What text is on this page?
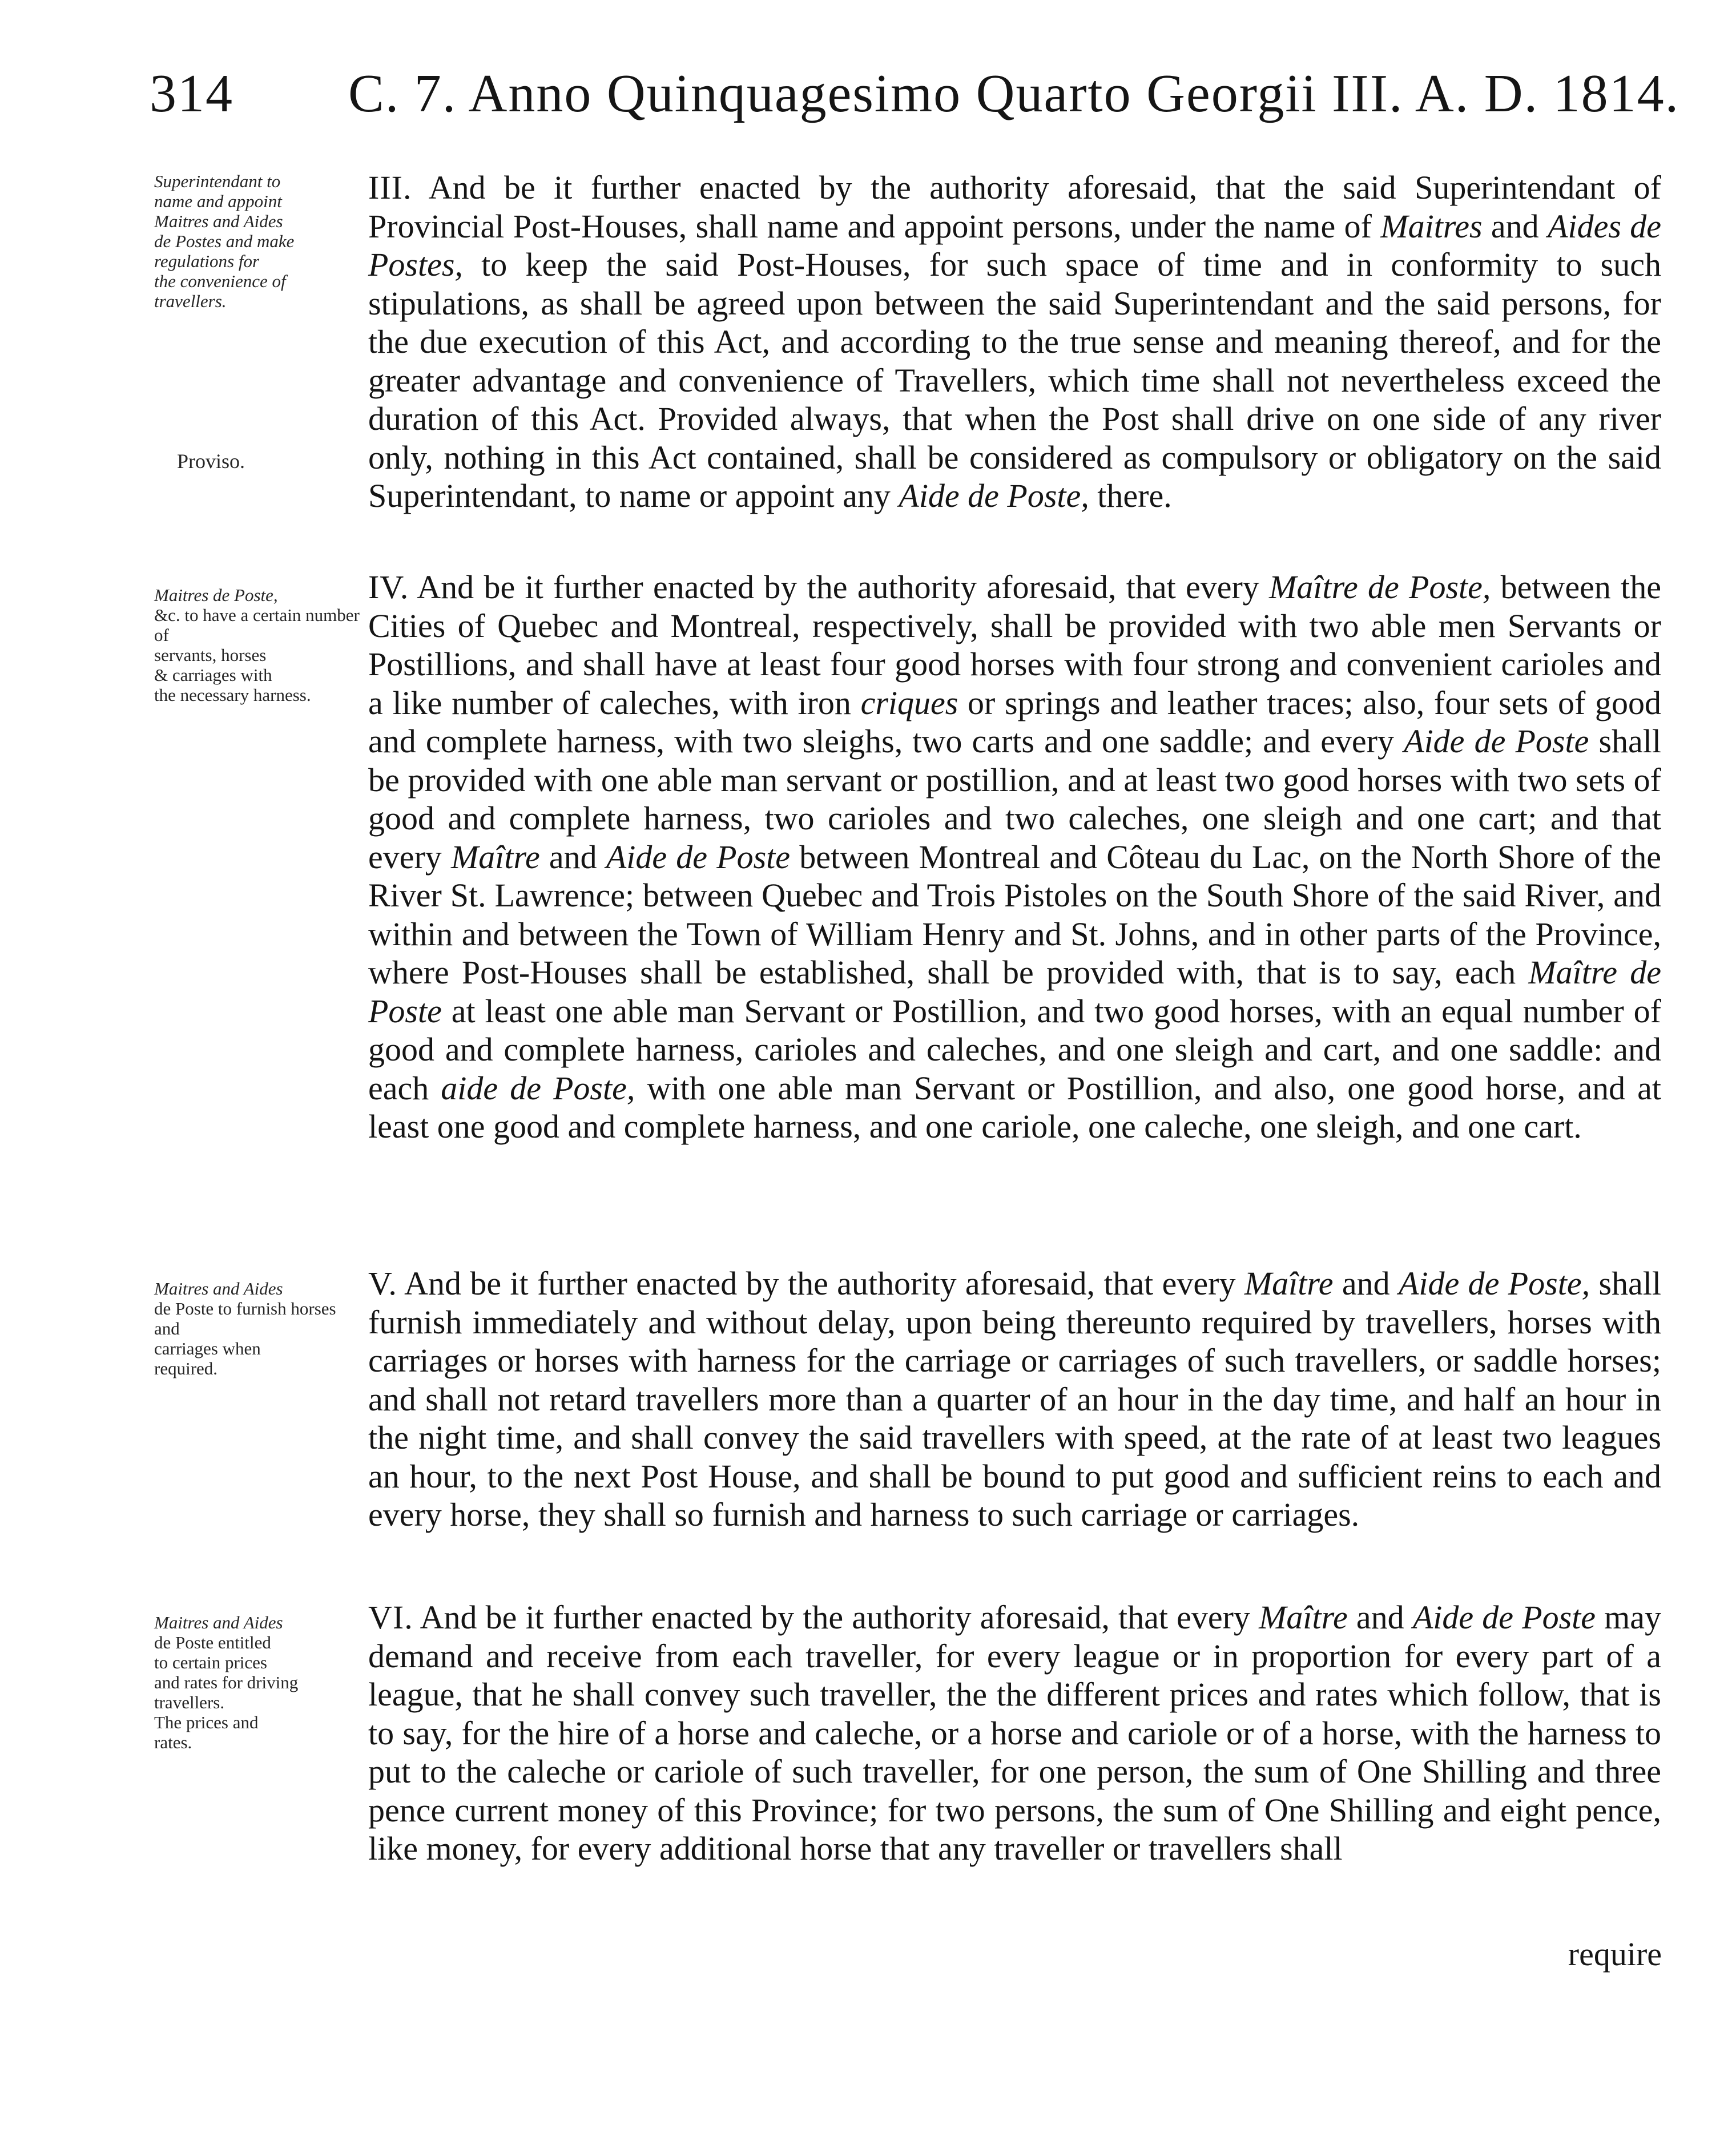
314 C. 7. Anno Quinquagesimo Quarto Georgii III. A. D. 1814.
Superintendant to
name and appoint
Maitres and Aides
de Postes and make
regulations for
the convenience of
travellers.
Proviso.
III. And be it further enacted by the authority aforesaid, that the said Superintendant of Provincial Post-Houses, shall name and appoint persons, under the name of Maitres and Aides de Postes, to keep the said Post-Houses, for such space of time and in conformity to such stipulations, as shall be agreed upon between the said Superintendant and the said persons, for the due execution of this Act, and according to the true sense and meaning thereof, and for the greater advantage and convenience of Travellers, which time shall not nevertheless exceed the duration of this Act. Provided always, that when the Post shall drive on one side of any river only, nothing in this Act contained, shall be considered as compulsory or obligatory on the said Superintendant, to name or appoint any Aide de Poste, there.
Maitres de Poste,
&c. to have a certain number of
servants, horses
& carriages with
the necessary harness.
IV. And be it further enacted by the authority aforesaid, that every Maître de Poste, between the Cities of Quebec and Montreal, respectively, shall be provided with two able men Servants or Postillions, and shall have at least four good horses with four strong and convenient carioles and a like number of caleches, with iron criques or springs and leather traces; also, four sets of good and complete harness, with two sleighs, two carts and one saddle; and every Aide de Poste shall be provided with one able man servant or postillion, and at least two good horses with two sets of good and complete harness, two carioles and two caleches, one sleigh and one cart; and that every Maître and Aide de Poste between Montreal and Côteau du Lac, on the North Shore of the River St. Lawrence; between Quebec and Trois Pistoles on the South Shore of the said River, and within and between the Town of William Henry and St. Johns, and in other parts of the Province, where Post-Houses shall be established, shall be provided with, that is to say, each Maître de Poste at least one able man Servant or Postillion, and two good horses, with an equal number of good and complete harness, carioles and caleches, and one sleigh and cart, and one saddle: and each aide de Poste, with one able man Servant or Postillion, and also, one good horse, and at least one good and complete harness, and one cariole, one caleche, one sleigh, and one cart.
Maitres and Aides
de Poste to furnish horses and
carriages when
required.
V. And be it further enacted by the authority aforesaid, that every Maître and Aide de Poste, shall furnish immediately and without delay, upon being thereunto required by travellers, horses with carriages or horses with harness for the carriage or carriages of such travellers, or saddle horses; and shall not retard travellers more than a quarter of an hour in the day time, and half an hour in the night time, and shall convey the said travellers with speed, at the rate of at least two leagues an hour, to the next Post House, and shall be bound to put good and sufficient reins to each and every horse, they shall so furnish and harness to such carriage or carriages.
Maitres and Aides
de Poste entitled
to certain prices
and rates for driving travellers.
The prices and
rates.
VI. And be it further enacted by the authority aforesaid, that every Maître and Aide de Poste may demand and receive from each traveller, for every league or in proportion for every part of a league, that he shall convey such traveller, the the different prices and rates which follow, that is to say, for the hire of a horse and caleche, or a horse and cariole or of a horse, with the harness to put to the caleche or cariole of such traveller, for one person, the sum of One Shilling and three pence current money of this Province; for two persons, the sum of One Shilling and eight pence, like money, for every additional horse that any traveller or travellers shall
require
